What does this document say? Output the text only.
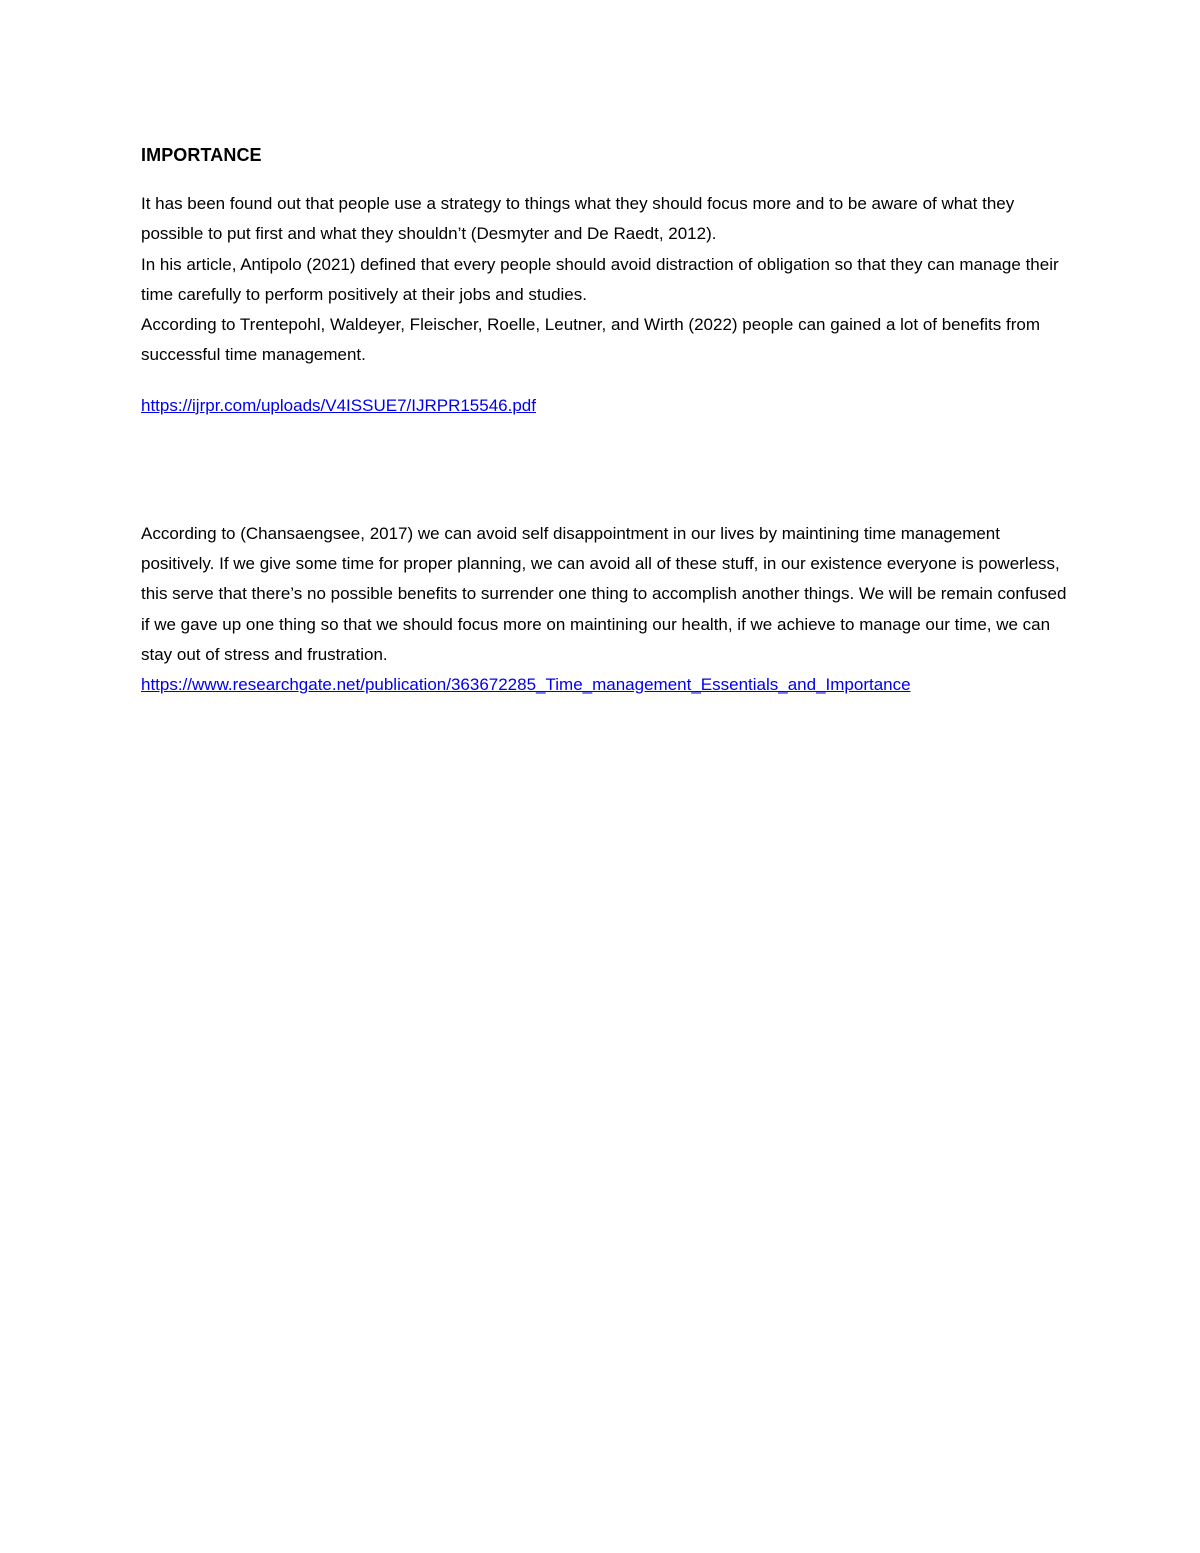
IMPORTANCE
It has been found out that people use a strategy to things what they should focus more and to be aware of what they possible to put first and what they shouldn’t (Desmyter and De Raedt, 2012).
In his article, Antipolo (2021) defined that every people should avoid distraction of obligation so that they can manage their time carefully to perform positively at their jobs and studies.
According to Trentepohl, Waldeyer, Fleischer, Roelle, Leutner, and Wirth (2022) people can gained a lot of benefits from successful time management.
https://ijrpr.com/uploads/V4ISSUE7/IJRPR15546.pdf
According to (Chansaengsee, 2017) we can avoid self disappointment in our lives by maintining time management positively. If we give some time for proper planning, we can avoid all of these stuff, in our existence everyone is powerless, this serve that there’s no possible benefits to surrender one thing to accomplish another things. We will be remain confused if we gave up one thing so that we should focus more on maintining our health, if we achieve to manage our time, we can stay out of stress and frustration.
https://www.researchgate.net/publication/363672285_Time_management_Essentials_and_Importance
